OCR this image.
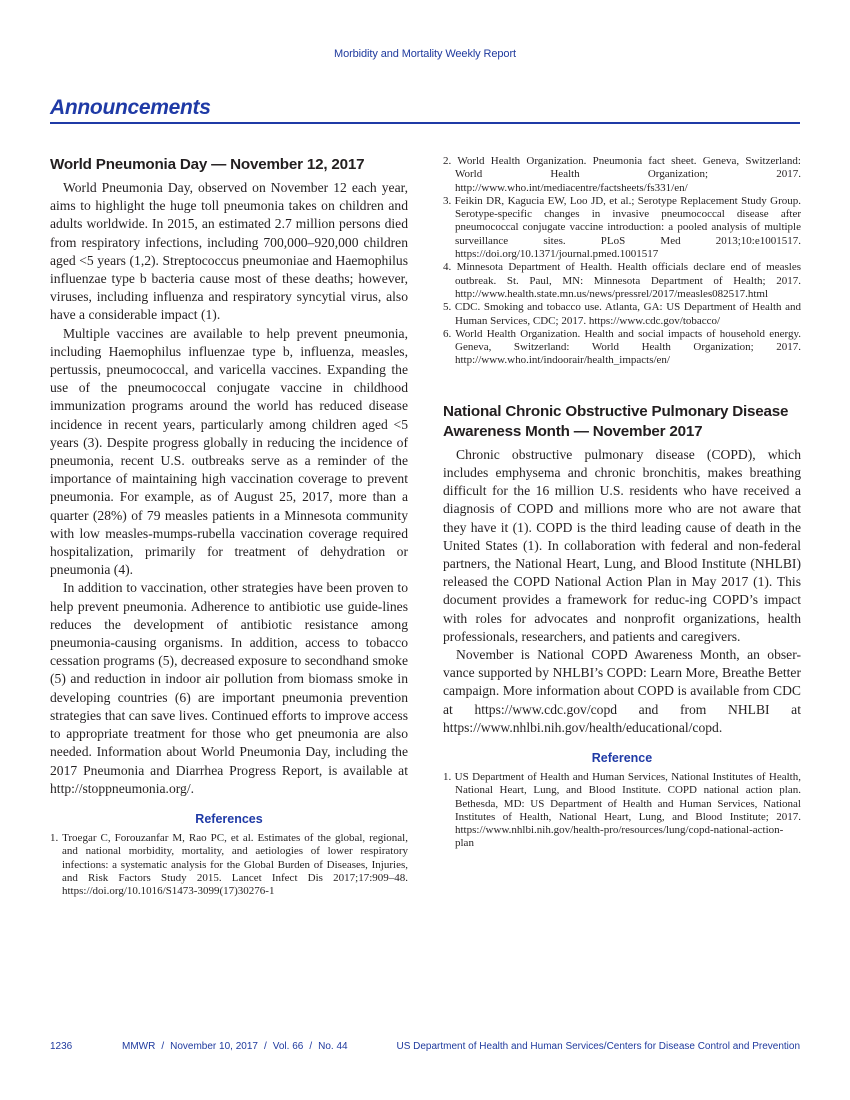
Morbidity and Mortality Weekly Report
Announcements
World Pneumonia Day — November 12, 2017

World Pneumonia Day, observed on November 12 each year, aims to highlight the huge toll pneumonia takes on children and adults worldwide. In 2015, an estimated 2.7 million persons died from respiratory infections, including 700,000–920,000 children aged <5 years (1,2). Streptococcus pneumoniae and Haemophilus influenzae type b bacteria cause most of these deaths; however, viruses, including influenza and respiratory syncytial virus, also have a considerable impact (1).

Multiple vaccines are available to help prevent pneumonia, including Haemophilus influenzae type b, influenza, measles, pertussis, pneumococcal, and varicella vaccines. Expanding the use of the pneumococcal conjugate vaccine in childhood immunization programs around the world has reduced disease incidence in recent years, particularly among children aged <5 years (3). Despite progress globally in reducing the incidence of pneumonia, recent U.S. outbreaks serve as a reminder of the importance of maintaining high vaccination coverage to prevent pneumonia. For example, as of August 25, 2017, more than a quarter (28%) of 79 measles patients in a Minnesota community with low measles-mumps-rubella vaccination coverage required hospitalization, primarily for treatment of dehydration or pneumonia (4).

In addition to vaccination, other strategies have been proven to help prevent pneumonia. Adherence to antibiotic use guide-lines reduces the development of antibiotic resistance among pneumonia-causing organisms. In addition, access to tobacco cessation programs (5), decreased exposure to secondhand smoke (5) and reduction in indoor air pollution from biomass smoke in developing countries (6) are important pneumonia prevention strategies that can save lives. Continued efforts to improve access to appropriate treatment for those who get pneumonia are also needed. Information about World Pneumonia Day, including the 2017 Pneumonia and Diarrhea Progress Report, is available at http://stoppneumonia.org/.

References
1. Troegar C, Forouzanfar M, Rao PC, et al. Estimates of the global, regional, and national morbidity, mortality, and aetiologies of lower respiratory infections: a systematic analysis for the Global Burden of Diseases, Injuries, and Risk Factors Study 2015. Lancet Infect Dis 2017;17:909–48. https://doi.org/10.1016/S1473-3099(17)30276-1
2. World Health Organization. Pneumonia fact sheet. Geneva, Switzerland: World Health Organization; 2017. http://www.who.int/mediacentre/factsheets/fs331/en/
3. Feikin DR, Kagucia EW, Loo JD, et al.; Serotype Replacement Study Group. Serotype-specific changes in invasive pneumococcal disease after pneumococcal conjugate vaccine introduction: a pooled analysis of multiple surveillance sites. PLoS Med 2013;10:e1001517. https://doi.org/10.1371/journal.pmed.1001517
4. Minnesota Department of Health. Health officials declare end of measles outbreak. St. Paul, MN: Minnesota Department of Health; 2017. http://www.health.state.mn.us/news/pressrel/2017/measles082517.html
5. CDC. Smoking and tobacco use. Atlanta, GA: US Department of Health and Human Services, CDC; 2017. https://www.cdc.gov/tobacco/
6. World Health Organization. Health and social impacts of household energy. Geneva, Switzerland: World Health Organization; 2017. http://www.who.int/indoorair/health_impacts/en/
National Chronic Obstructive Pulmonary Disease Awareness Month — November 2017

Chronic obstructive pulmonary disease (COPD), which includes emphysema and chronic bronchitis, makes breathing difficult for the 16 million U.S. residents who have received a diagnosis of COPD and millions more who are not aware that they have it (1). COPD is the third leading cause of death in the United States (1). In collaboration with federal and non-federal partners, the National Heart, Lung, and Blood Institute (NHLBI) released the COPD National Action Plan in May 2017 (1). This document provides a framework for reduc-ing COPD’s impact with roles for advocates and nonprofit organizations, health professionals, researchers, and patients and caregivers.

November is National COPD Awareness Month, an obser-vance supported by NHLBI’s COPD: Learn More, Breathe Better campaign. More information about COPD is available from CDC at https://www.cdc.gov/copd and from NHLBI at https://www.nhlbi.nih.gov/health/educational/copd.

Reference
1. US Department of Health and Human Services, National Institutes of Health, National Heart, Lung, and Blood Institute. COPD national action plan. Bethesda, MD: US Department of Health and Human Services, National Institutes of Health, National Heart, Lung, and Blood Institute; 2017. https://www.nhlbi.nih.gov/health-pro/resources/lung/copd-national-action-plan
1236	MMWR / November 10, 2017 / Vol. 66 / No. 44	US Department of Health and Human Services/Centers for Disease Control and Prevention
